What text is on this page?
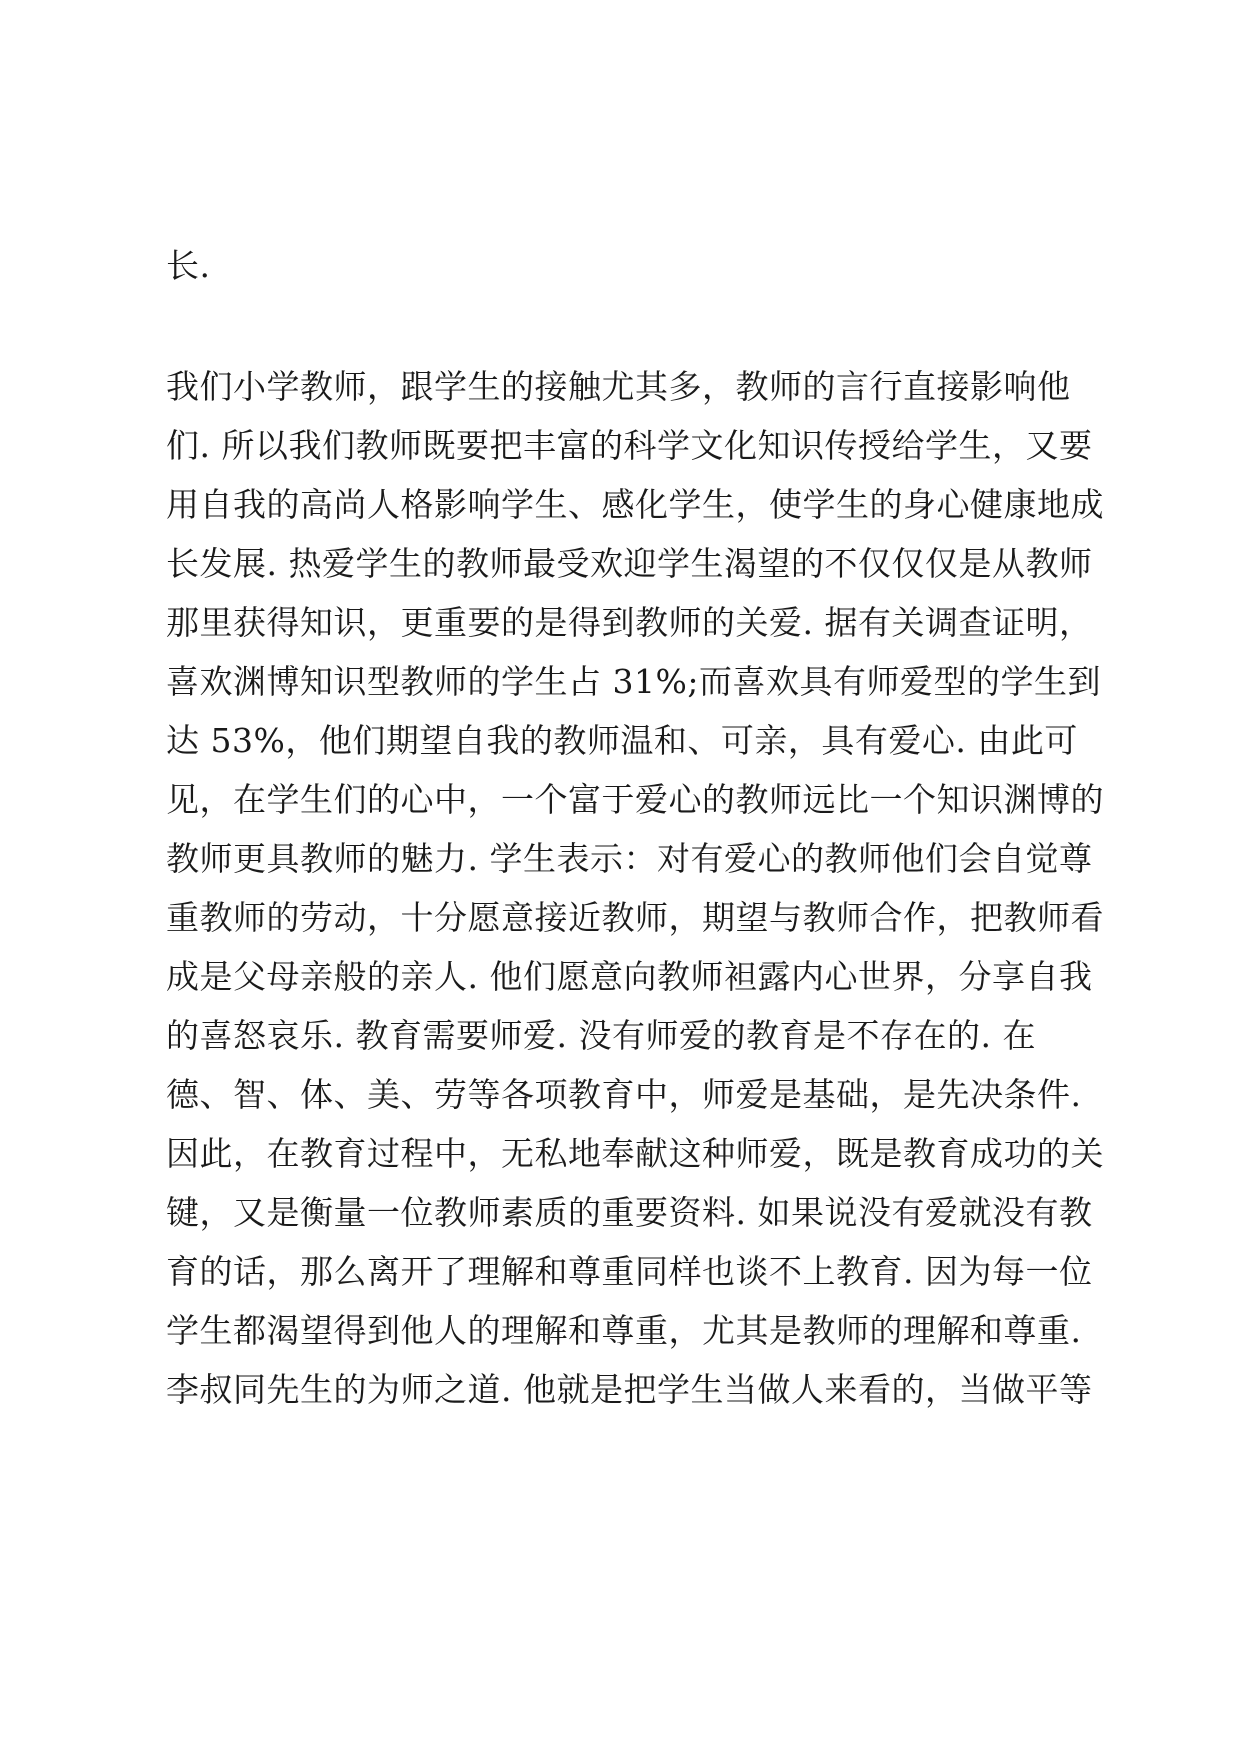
长.
我们小学教师，跟学生的接触尤其多，教师的言行直接影响他
们. 所以我们教师既要把丰富的科学文化知识传授给学生，又要
用自我的高尚人格影响学生、感化学生，使学生的身心健康地成
长发展. 热爱学生的教师最受欢迎学生渴望的不仅仅仅是从教师
那里获得知识，更重要的是得到教师的关爱. 据有关调查证明，
喜欢渊博知识型教师的学生占 31%;而喜欢具有师爱型的学生到
达 53%，他们期望自我的教师温和、可亲，具有爱心. 由此可
见，在学生们的心中，一个富于爱心的教师远比一个知识渊博的
教师更具教师的魅力. 学生表示：对有爱心的教师他们会自觉尊
重教师的劳动，十分愿意接近教师，期望与教师合作，把教师看
成是父母亲般的亲人. 他们愿意向教师袒露内心世界，分享自我
的喜怒哀乐. 教育需要师爱. 没有师爱的教育是不存在的. 在
德、智、体、美、劳等各项教育中，师爱是基础，是先决条件.
因此，在教育过程中，无私地奉献这种师爱，既是教育成功的关
键，又是衡量一位教师素质的重要资料. 如果说没有爱就没有教
育的话，那么离开了理解和尊重同样也谈不上教育. 因为每一位
学生都渴望得到他人的理解和尊重，尤其是教师的理解和尊重.
李叔同先生的为师之道. 他就是把学生当做人来看的，当做平等
